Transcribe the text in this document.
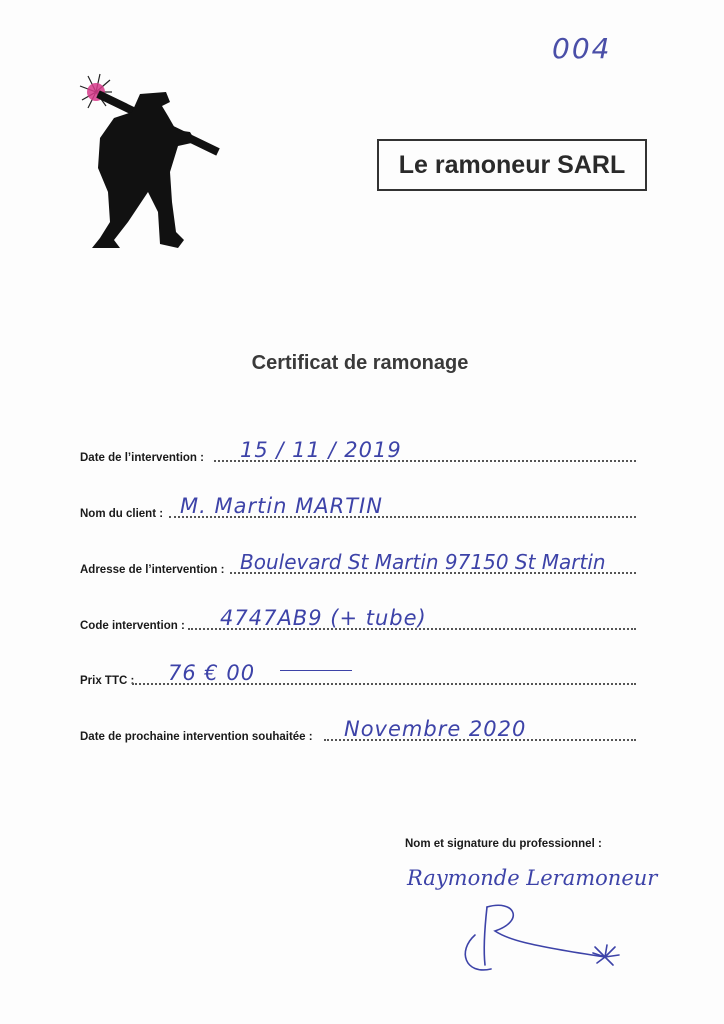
004
Le ramoneur SARL
Certificat de ramonage
Date de l’intervention : 15 / 11 / 2019
Nom du client : M. Martin MARTIN
Adresse de l’intervention : Boulevard St Martin 97150 St Martin
Code intervention : 4747AB9 (+ tube)
Prix TTC : 76 € 00
Date de prochaine intervention souhaitée : Novembre 2020
Nom et signature du professionnel :
Raymonde Leramoneur
